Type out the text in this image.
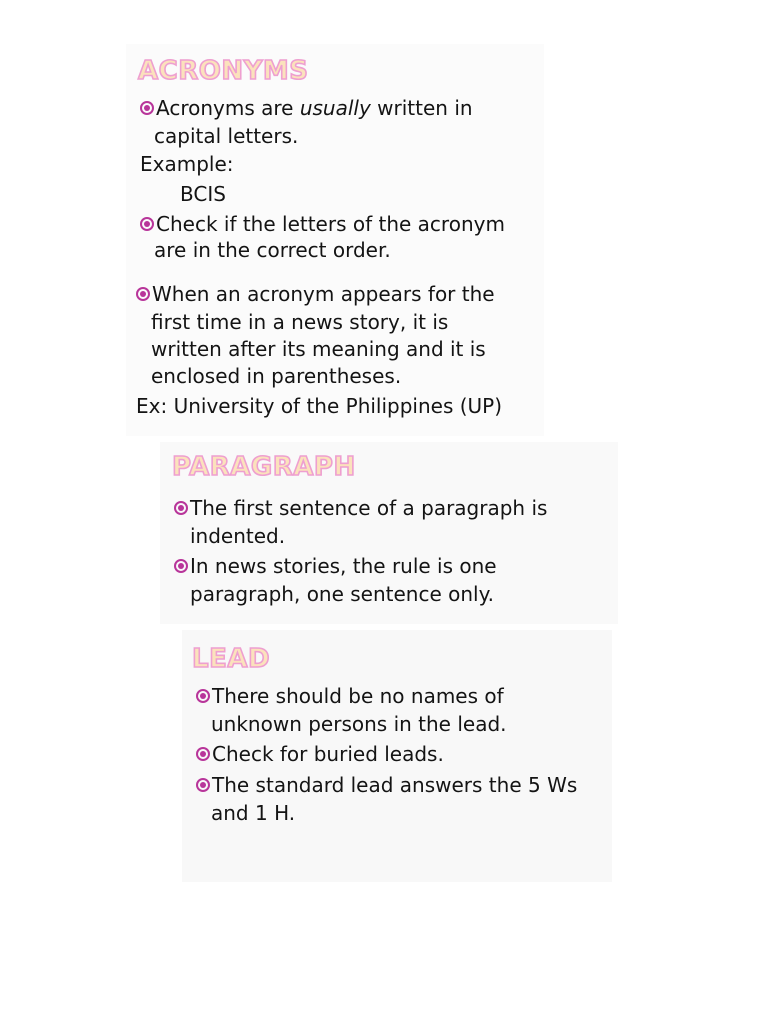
ACRONYMS
Acronyms are usually written in
capital letters.
Example:
BCIS
Check if the letters of the acronym
are in the correct order.
When an acronym appears for the
first time in a news story, it is
written after its meaning and it is
enclosed in parentheses.
Ex: University of the Philippines (UP)
PARAGRAPH
The first sentence of a paragraph is
indented.
In news stories, the rule is one
paragraph, one sentence only.
LEAD
There should be no names of
unknown persons in the lead.
Check for buried leads.
The standard lead answers the 5 Ws
and 1 H.
